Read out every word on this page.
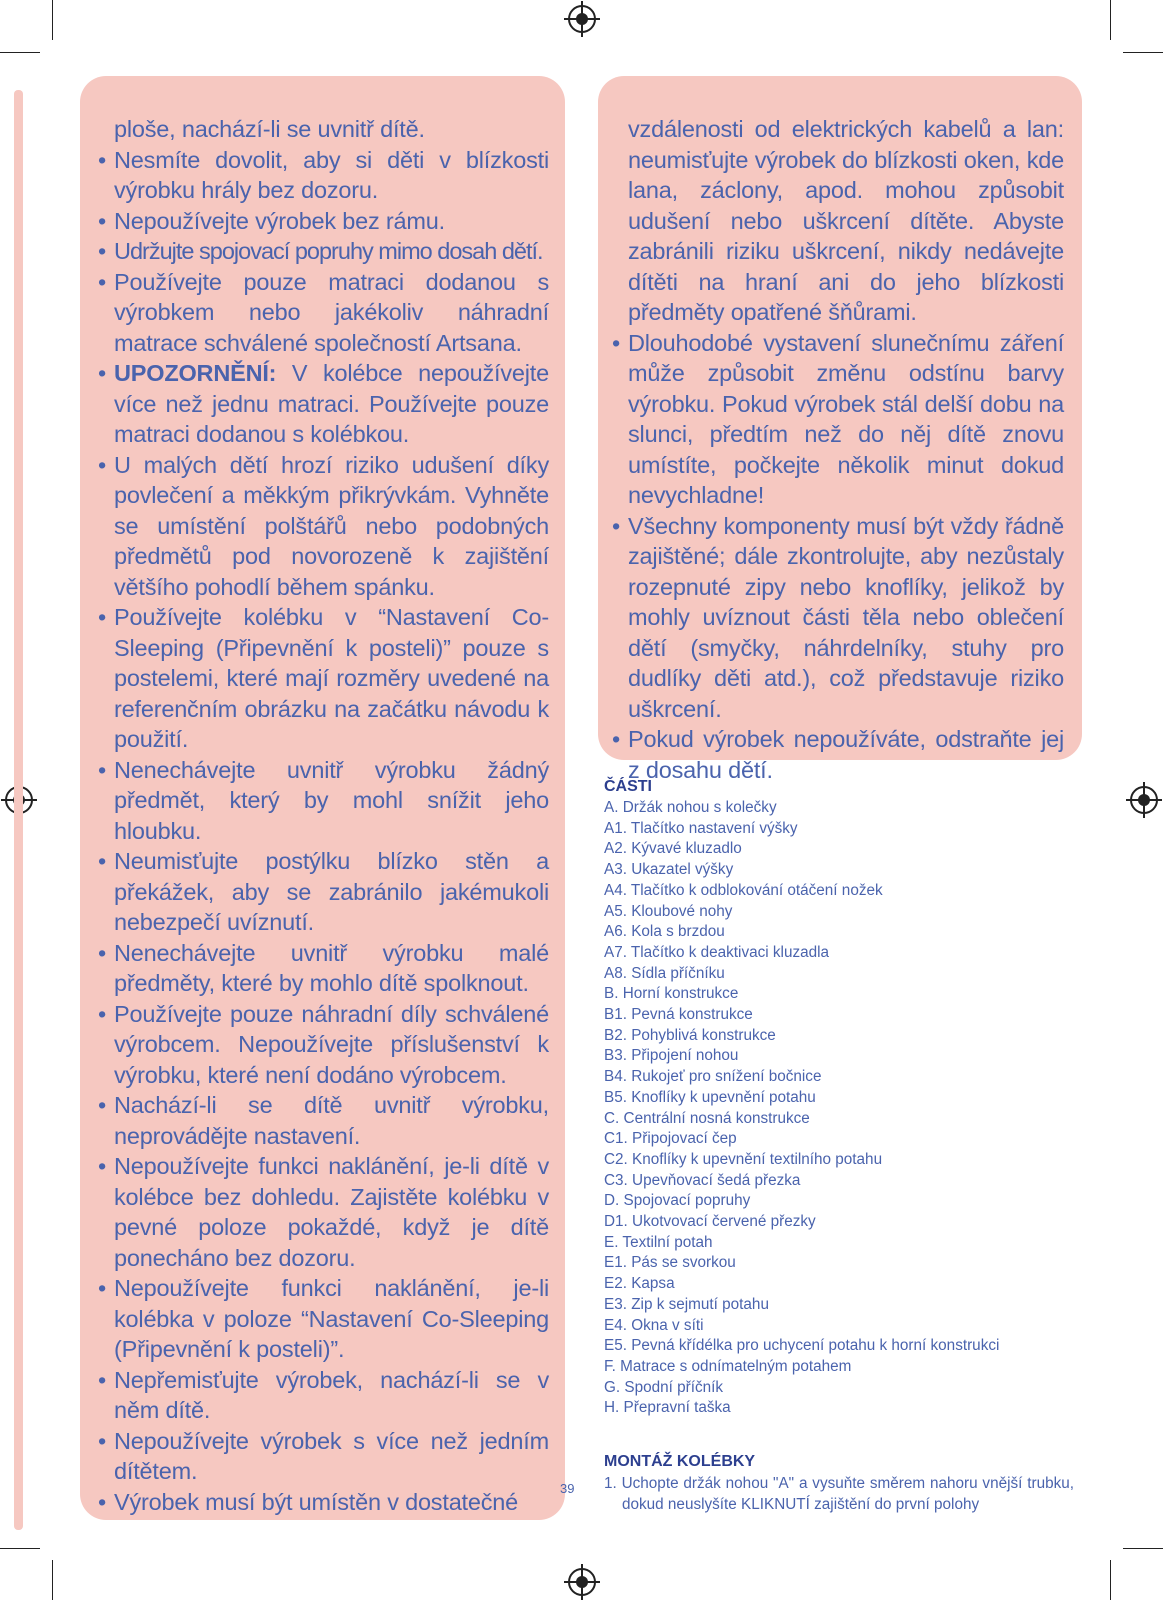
ploše, nachází-li se uvnitř dítě.
• Nesmíte dovolit, aby si děti v blízkosti výrobku hrály bez dozoru.
• Nepoužívejte výrobek bez rámu.
• Udržujte spojovací popruhy mimo dosah dětí.
• Používejte pouze matraci dodanou s výrobkem nebo jakékoliv náhradní matrace schválené společností Artsana.
• UPOZORNĚNÍ: V kolébce nepoužívejte více než jednu matraci. Používejte pouze matraci dodanou s kolébkou.
• U malých dětí hrozí riziko udušení díky povlečení a měkkým přikrývkám. Vyhněte se umístění polštářů nebo podobných předmětů pod novorozeně k zajištění většího pohodlí během spánku.
• Používejte kolébku v “Nastavení Co-Sleeping (Připevnění k posteli)” pouze s postelemi, které mají rozměry uvedené na referenčním obrázku na začátku návodu k použití.
• Nenechávejte uvnitř výrobku žádný předmět, který by mohl snížit jeho hloubku.
• Neumisťujte postýlku blízko stěn a překážek, aby se zabránilo jakémukoli nebezpečí uvíznutí.
• Nenechávejte uvnitř výrobku malé předměty, které by mohlo dítě spolknout.
• Používejte pouze náhradní díly schválené výrobcem. Nepoužívejte příslušenství k výrobku, které není dodáno výrobcem.
• Nachází-li se dítě uvnitř výrobku, neprovádějte nastavení.
• Nepoužívejte funkci naklánění, je-li dítě v kolébce bez dohledu. Zajistěte kolébku v pevné poloze pokaždé, když je dítě ponecháno bez dozoru.
• Nepoužívejte funkci naklánění, je-li kolébka v poloze “Nastavení Co-Sleeping (Připevnění k posteli)”.
• Nepřemisťujte výrobek, nachází-li se v něm dítě.
• Nepoužívejte výrobek s více než jedním dítětem.
• Výrobek musí být umístěn v dostatečné
vzdálenosti od elektrických kabelů a lan: neumisťujte výrobek do blízkosti oken, kde lana, záclony, apod. mohou způsobit udušení nebo uškrcení dítěte. Abyste zabránili riziku uškrcení, nikdy nedávejte dítěti na hraní ani do jeho blízkosti předměty opatřené šňůrami.
• Dlouhodobé vystavení slunečnímu záření může způsobit změnu odstínu barvy výrobku. Pokud výrobek stál delší dobu na slunci, předtím než do něj dítě znovu umístíte, počkejte několik minut dokud nevychladne!
• Všechny komponenty musí být vždy řádně zajištěné; dále zkontrolujte, aby nezůstaly rozepnuté zipy nebo knoflíky, jelikož by mohly uvíznout části těla nebo oblečení dětí (smyčky, náhrdelníky, stuhy pro dudlíky děti atd.), což představuje riziko uškrcení.
• Pokud výrobek nepoužíváte, odstraňte jej z dosahu dětí.
ČÁSTI
A. Držák nohou s kolečky
A1. Tlačítko nastavení výšky
A2. Kývavé kluzadlo
A3. Ukazatel výšky
A4. Tlačítko k odblokování otáčení nožek
A5. Kloubové nohy
A6. Kola s brzdou
A7. Tlačítko k deaktivaci kluzadla
A8. Sídla příčníku
B. Horní konstrukce
B1. Pevná konstrukce
B2. Pohyblivá konstrukce
B3. Připojení nohou
B4. Rukojeť pro snížení bočnice
B5. Knoflíky k upevnění potahu
C. Centrální nosná konstrukce
C1. Připojovací čep
C2. Knoflíky k upevnění textilního potahu
C3. Upevňovací šedá přezka
D. Spojovací popruhy
D1. Ukotvovací červené přezky
E. Textilní potah
E1. Pás se svorkou
E2. Kapsa
E3. Zip k sejmutí potahu
E4. Okna v síti
E5. Pevná křídélka pro uchycení potahu k horní konstrukci
F. Matrace s odnímatelným potahem
G. Spodní příčník
H. Přepravní taška
MONTÁŽ KOLÉBKY
1. Uchopte držák nohou "A" a vysuňte směrem nahoru vnější trubku, dokud neuslyšíte KLIKNUTÍ zajištění do první polohy
39
